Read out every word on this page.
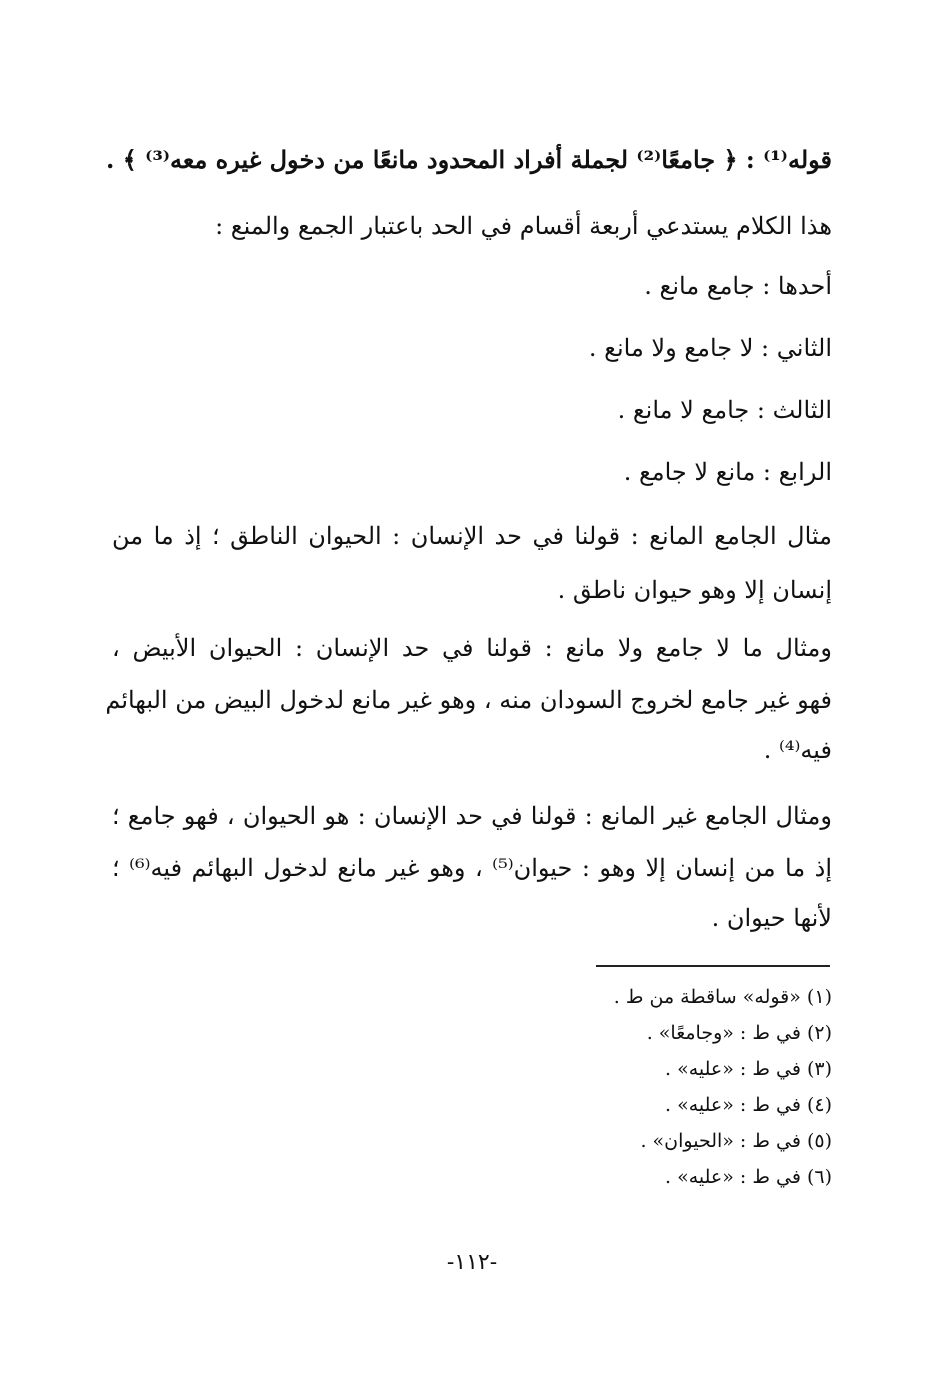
قوله⁽¹⁾ : ﴿ جامعًا⁽²⁾ لجملة أفراد المحدود مانعًا من دخول غيره معه⁽³⁾ ﴾ .
هذا الكلام يستدعي أربعة أقسام في الحد باعتبار الجمع والمنع :
أحدها : جامع مانع .
الثاني : لا جامع ولا مانع .
الثالث : جامع لا مانع .
الرابع : مانع لا جامع .
مثال الجامع المانع : قولنا في حد الإنسان : الحيوان الناطق ؛ إذ ما من
إنسان إلا وهو حيوان ناطق .
ومثال ما لا جامع ولا مانع : قولنا في حد الإنسان : الحيوان الأبيض ،
فهو غير جامع لخروج السودان منه ، وهو غير مانع لدخول البيض من البهائم
فيه⁽⁴⁾ .
ومثال الجامع غير المانع : قولنا في حد الإنسان : هو الحيوان ، فهو جامع ؛
إذ ما من إنسان إلا وهو : حيوان⁽⁵⁾ ، وهو غير مانع لدخول البهائم فيه⁽⁶⁾ ؛
لأنها حيوان .
(١) «قوله» ساقطة من ط .
(٢) في ط : «وجامعًا» .
(٣) في ط : «عليه» .
(٤) في ط : «عليه» .
(٥) في ط : «الحيوان» .
(٦) في ط : «عليه» .
-١١٢-
